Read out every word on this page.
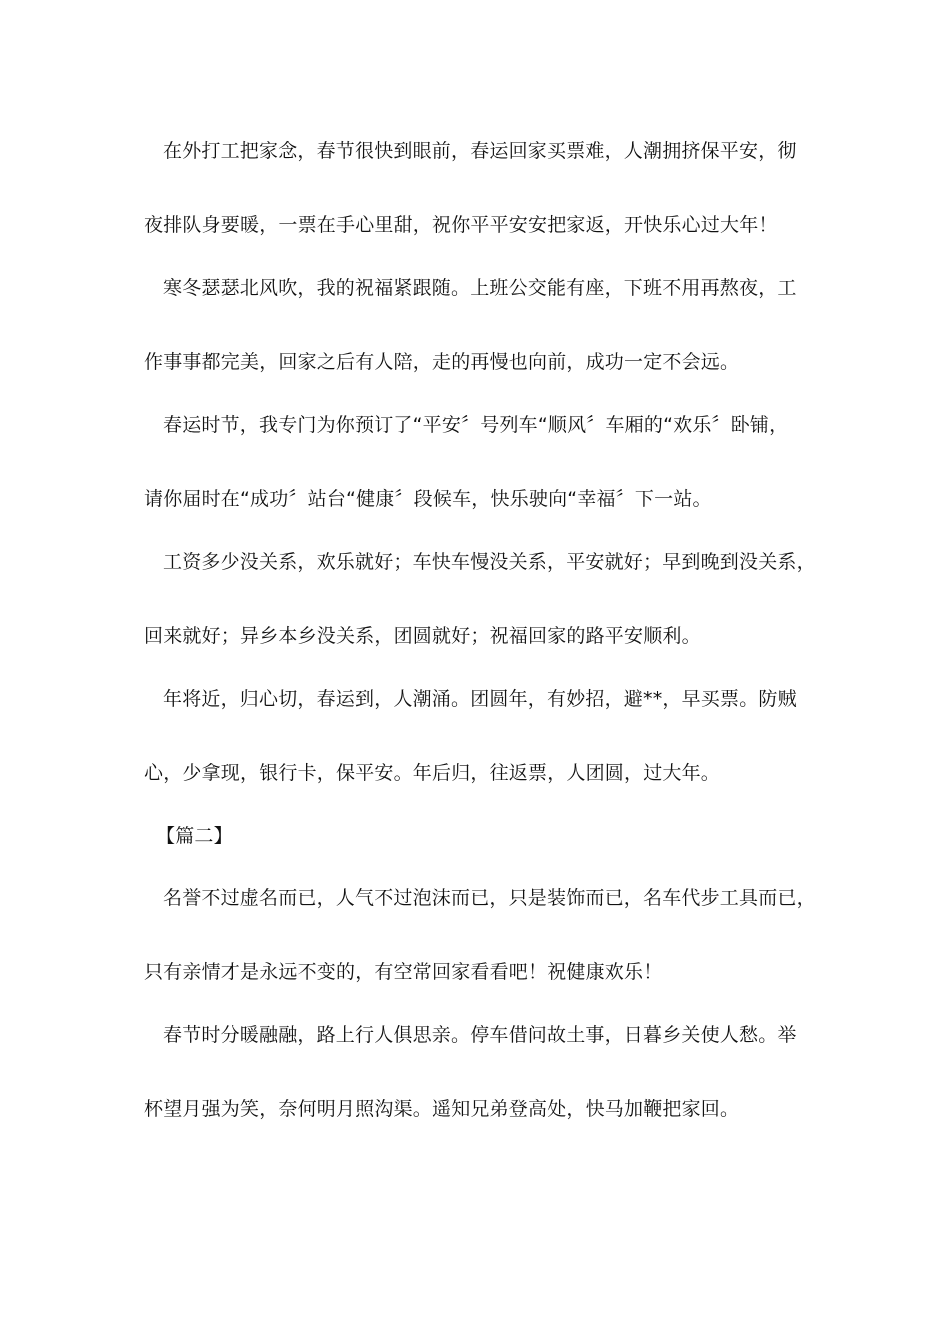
在外打工把家念，春节很快到眼前，春运回家买票难，人潮拥挤保平安，彻
夜排队身要暖，一票在手心里甜，祝你平平安安把家返，开快乐心过大年！
寒冬瑟瑟北风吹，我的祝福紧跟随。上班公交能有座，下班不用再熬夜，工
作事事都完美，回家之后有人陪，走的再慢也向前，成功一定不会远。
春运时节，我专门为你预订了“平安〞号列车“顺风〞车厢的“欢乐〞卧铺，
请你届时在“成功〞站台“健康〞段候车，快乐驶向“幸福〞下一站。
工资多少没关系，欢乐就好；车快车慢没关系，平安就好；早到晚到没关系，
回来就好；异乡本乡没关系，团圆就好；祝福回家的路平安顺利。
年将近，归心切，春运到，人潮涌。团圆年，有妙招，避**，早买票。防贼
心，少拿现，银行卡，保平安。年后归，往返票，人团圆，过大年。
【篇二】
名誉不过虚名而已，人气不过泡沫而已，只是装饰而已，名车代步工具而已，
只有亲情才是永远不变的，有空常回家看看吧！祝健康欢乐！
春节时分暖融融，路上行人俱思亲。停车借问故土事，日暮乡关使人愁。举
杯望月强为笑，奈何明月照沟渠。遥知兄弟登高处，快马加鞭把家回。
